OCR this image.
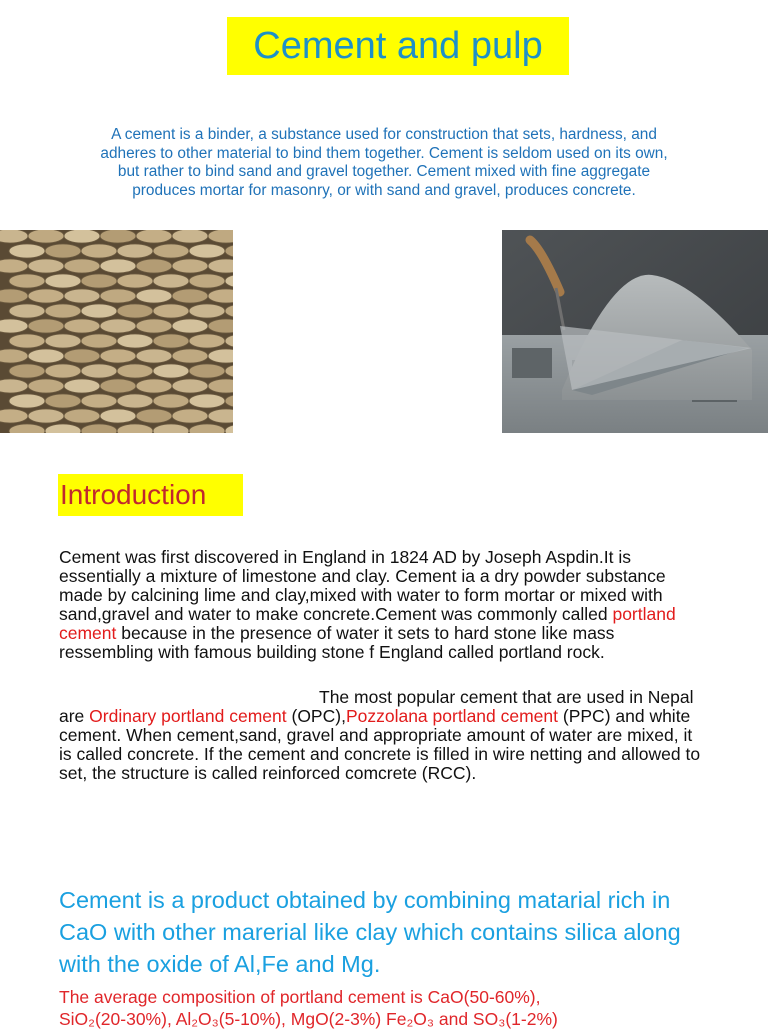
Cement and pulp
A cement is a binder, a substance used for construction that sets, hardness, and adheres to other material to bind them together. Cement is seldom used on its own, but rather to bind sand and gravel together. Cement mixed with fine aggregate produces mortar for masonry, or with sand and gravel, produces concrete.
Introduction
Cement was first discovered in England in 1824 AD by Joseph Aspdin.It is essentially a mixture of limestone and clay. Cement ia a dry powder substance made by calcining lime and clay,mixed with water to form mortar or mixed with sand,gravel and water to make concrete.Cement was commonly called portland cement because in the presence of water it sets to hard stone like mass ressembling with famous building stone f England called portland rock.
The most popular cement that are used in Nepal are Ordinary portland cement (OPC),Pozzolana portland cement (PPC) and white cement. When cement,sand, gravel and appropriate amount of water are mixed, it is called concrete. If the cement and concrete is filled in wire netting and allowed to set, the structure is called reinforced comcrete (RCC).
Cement is a product obtained by combining matarial rich in CaO with other marerial like clay which contains silica along with the oxide of Al,Fe and Mg.
The average composition of portland cement is CaO(50-60%),
SiO₂(20-30%), Al₂O₃(5-10%), MgO(2-3%) Fe₂O₃ and SO₃(1-2%)
